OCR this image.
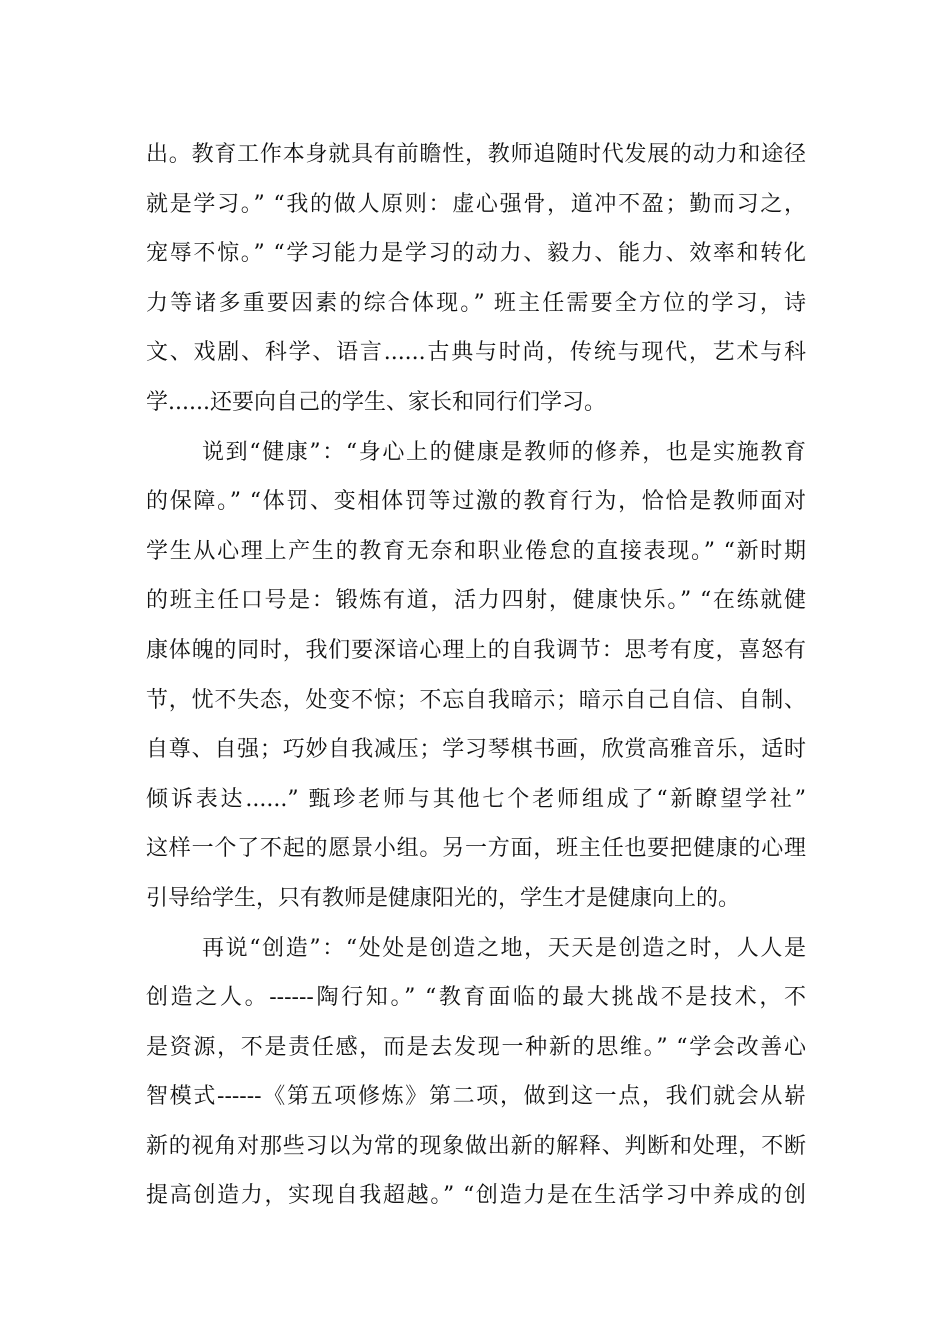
出。教育工作本身就具有前瞻性，教师追随时代发展的动力和途径
就是学习。” “我的做人原则：虚心强骨，道冲不盈；勤而习之，
宠辱不惊。” “学习能力是学习的动力、毅力、能力、效率和转化
力等诸多重要因素的综合体现。” 班主任需要全方位的学习，诗
文、戏剧、科学、语言......古典与时尚，传统与现代，艺术与科
学......还要向自己的学生、家长和同行们学习。
说到“健康”：“身心上的健康是教师的修养，也是实施教育
的保障。” “体罚、变相体罚等过激的教育行为，恰恰是教师面对
学生从心理上产生的教育无奈和职业倦怠的直接表现。” “新时期
的班主任口号是：锻炼有道，活力四射，健康快乐。” “在练就健
康体魄的同时，我们要深谙心理上的自我调节：思考有度，喜怒有
节，忧不失态，处变不惊；不忘自我暗示；暗示自己自信、自制、
自尊、自强；巧妙自我减压；学习琴棋书画，欣赏高雅音乐，适时
倾诉表达......” 甄珍老师与其他七个老师组成了“新瞭望学社”
这样一个了不起的愿景小组。另一方面，班主任也要把健康的心理
引导给学生，只有教师是健康阳光的，学生才是健康向上的。
再说“创造”：“处处是创造之地，天天是创造之时，人人是
创造之人。------陶行知。” “教育面临的最大挑战不是技术，不
是资源，不是责任感，而是去发现一种新的思维。” “学会改善心
智模式------《第五项修炼》第二项，做到这一点，我们就会从崭
新的视角对那些习以为常的现象做出新的解释、判断和处理，不断
提高创造力，实现自我超越。” “创造力是在生活学习中养成的创
